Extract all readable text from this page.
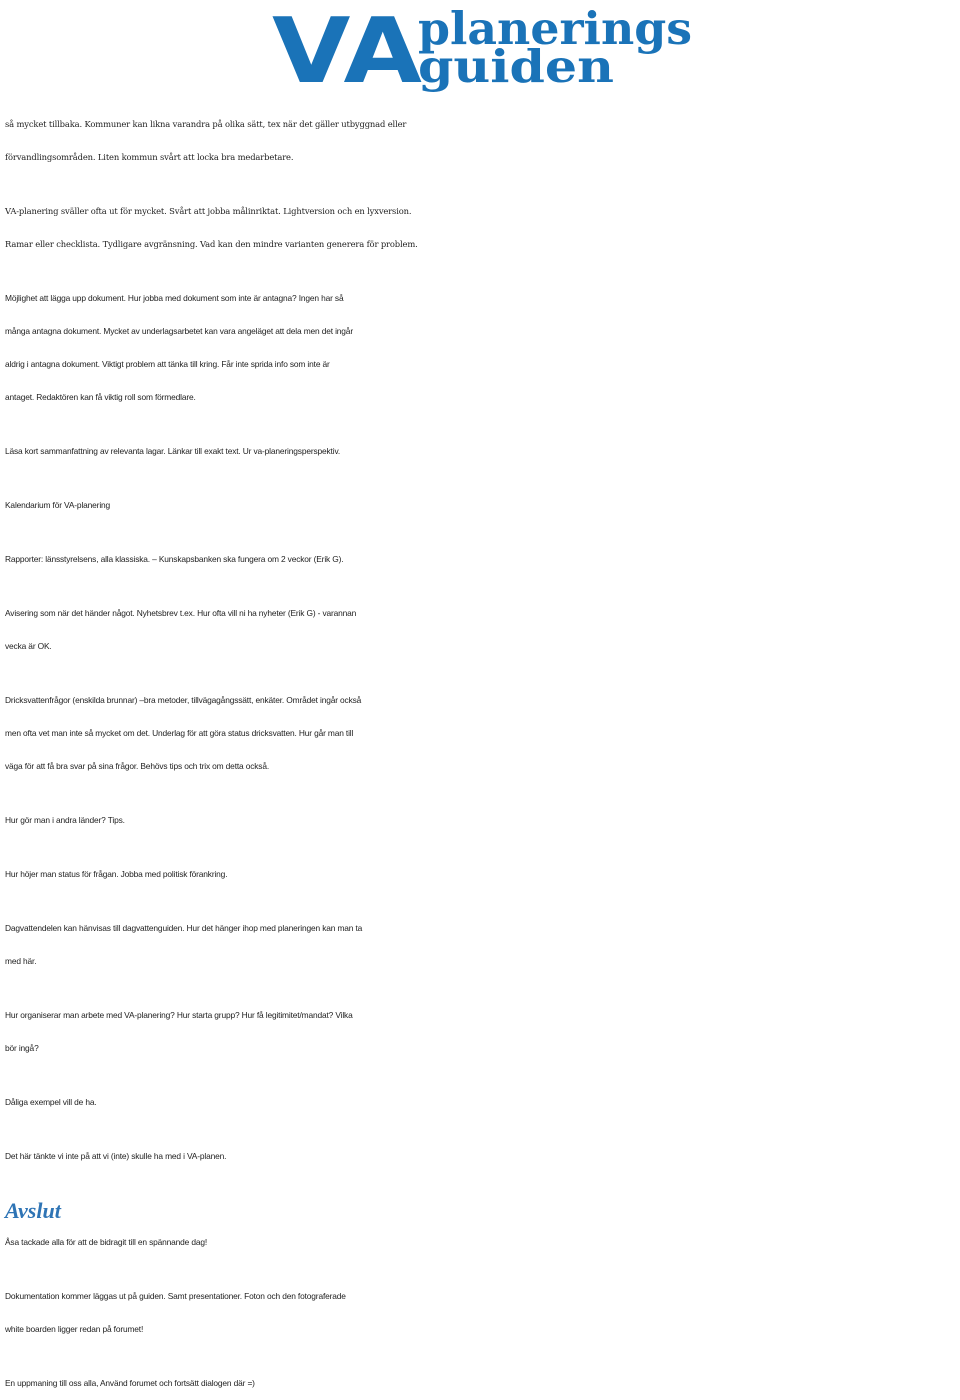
VA
planerings
guiden

så mycket tillbaka. Kommuner kan likna varandra på olika sätt, tex när det gäller utbyggnad eller
förvandlingsområden. Liten kommun svårt att locka bra medarbetare.

VA-planering sväller ofta ut för mycket. Svårt att jobba målinriktat. Lightversion och en lyxversion.
Ramar eller checklista. Tydligare avgränsning. Vad kan den mindre varianten generera för problem.

Möjlighet att lägga upp dokument. Hur jobba med dokument som inte är antagna? Ingen har så
många antagna dokument. Mycket av underlagsarbetet kan vara angeläget att dela men det ingår
aldrig i antagna dokument. Viktigt problem att tänka till kring. Får inte sprida info som inte är
antaget. Redaktören kan få viktig roll som förmedlare.

Läsa kort sammanfattning av relevanta lagar. Länkar till exakt text. Ur va-planeringsperspektiv.

Kalendarium för VA-planering

Rapporter: länsstyrelsens, alla klassiska. – Kunskapsbanken ska fungera om 2 veckor (Erik G).

Avisering som när det händer något. Nyhetsbrev t.ex. Hur ofta vill ni ha nyheter (Erik G) - varannan
vecka är OK.

Dricksvattenfrågor (enskilda brunnar) –bra metoder, tillvägagångssätt, enkäter. Området ingår också
men ofta vet man inte så mycket om det. Underlag för att göra status dricksvatten. Hur går man till
väga för att få bra svar på sina frågor. Behövs tips och trix om detta också.

Hur gör man i andra länder? Tips.

Hur höjer man status för frågan. Jobba med politisk förankring.

Dagvattendelen kan hänvisas till dagvattenguiden. Hur det hänger ihop med planeringen kan man ta
med här.

Hur organiserar man arbete med VA-planering? Hur starta grupp? Hur få legitimitet/mandat? Vilka
bör ingå?

Dåliga exempel vill de ha.

Det här tänkte vi inte på att vi (inte) skulle ha med i VA-planen.

Avslut

Åsa tackade alla för att de bidragit till en spännande dag!

Dokumentation kommer läggas ut på guiden. Samt presentationer. Foton och den fotograferade
white boarden ligger redan på forumet!

En uppmaning till oss alla, Använd forumet och fortsätt dialogen där =)
